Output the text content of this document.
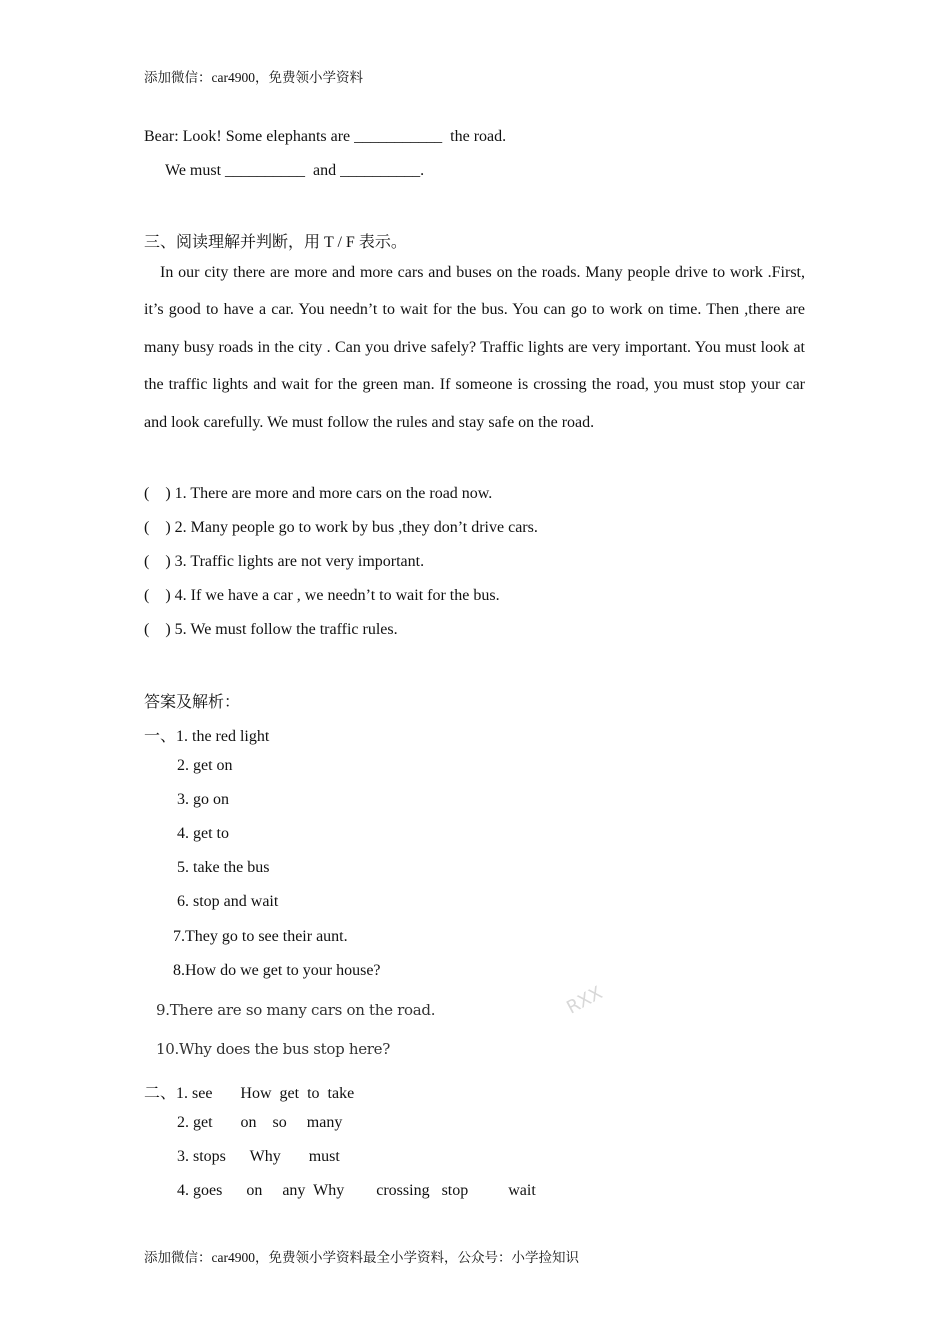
添加微信：car4900，免费领小学资料
Bear: Look! Some elephants are ___________  the road.
We must __________  and __________.
三、阅读理解并判断，用 T / F 表示。
In our city there are more and more cars and buses on the roads. Many people drive to work .First, it’s good to have a car. You needn’t to wait for the bus. You can go to work on time. Then ,there are many busy roads in the city . Can you drive safely? Traffic lights are very important. You must look at the traffic lights and wait for the green man. If someone is crossing the road, you must stop your car and look carefully. We must follow the rules and stay safe on the road.
(    ) 1. There are more and more cars on the road now.
(    ) 2. Many people go to work by bus ,they don’t drive cars.
(    ) 3. Traffic lights are not very important.
(    ) 4. If we have a car , we needn’t to wait for the bus.
(    ) 5. We must follow the traffic rules.
答案及解析：
一、1. the red light
2. get on
3. go on
4. get to
5. take the bus
6. stop and wait
7.They go to see their aunt.
8.How do we get to your house?
9.There are so many cars on the road.
10.Why does the bus stop here?
RXX
二、1. see       How  get  to  take
2. get       on    so     many
3. stops      Why       must
4. goes      on     any  Why        crossing   stop          wait
添加微信：car4900，免费领小学资料最全小学资料，公众号：小学捡知识
